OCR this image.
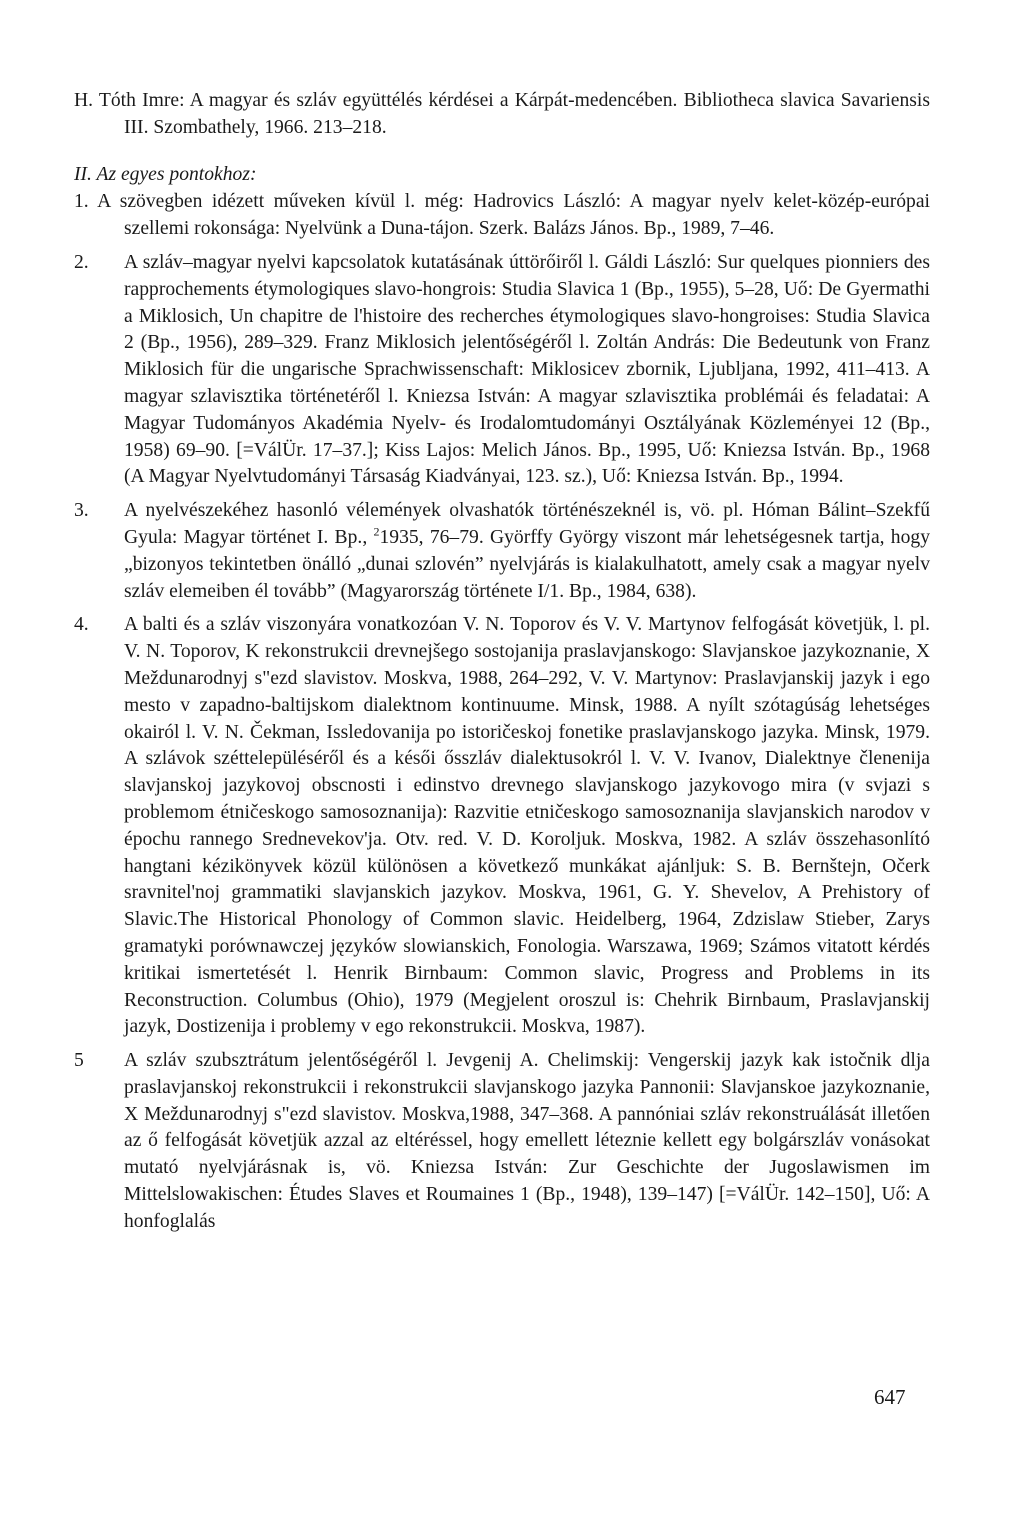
H. Tóth Imre: A magyar és szláv együttélés kérdései a Kárpát-medencében. Bibliotheca slavica Savariensis III. Szombathely, 1966. 213–218.

II. Az egyes pontokhoz:

1. A szövegben idézett műveken kívül l. még: Hadrovics László: A magyar nyelv kelet-közép-európai szellemi rokonsága: Nyelvünk a Duna-tájon. Szerk. Balázs János. Bp., 1989, 7–46.

2.	A szláv–magyar nyelvi kapcsolatok kutatásának úttörőiről l. Gáldi László: Sur quelques pionniers des rapprochements étymologiques slavo-hongrois: Studia Slavica 1 (Bp., 1955), 5–28, Uő: De Gyermathi a Miklosich, Un chapitre de l'histoire des recherches étymologiques slavo-hongroises: Studia Slavica 2 (Bp., 1956), 289–329. Franz Miklosich jelentőségéről l. Zoltán András: Die Bedeutunk von Franz Miklosich für die ungarische Sprachwissenschaft: Miklosicev zbornik, Ljubljana, 1992, 411–413. A magyar szlavisztika történetéről l. Kniezsa István: A magyar szlavisztika problémái és feladatai: A Magyar Tudományos Akadémia Nyelv- és Irodalomtudományi Osztályának Közleményei 12 (Bp., 1958) 69–90. [=VálÜr. 17–37.]; Kiss Lajos: Melich János. Bp., 1995, Uő: Kniezsa István. Bp., 1968 (A Magyar Nyelvtudományi Társaság Kiadványai, 123. sz.), Uő: Kniezsa István. Bp., 1994.
3.	A nyelvészekéhez hasonló vélemények olvashatók történészeknél is, vö. pl. Hóman Bálint–Szekfű Gyula: Magyar történet I. Bp., $^2$1935, 76–79. Györffy György viszont már lehetségesnek tartja, hogy „bizonyos tekintetben önálló „dunai szlovén” nyelvjárás is kialakulhatott, amely csak a magyar nyelv szláv elemeiben él tovább” (Magyarország története I/1. Bp., 1984, 638).
4.	A balti és a szláv viszonyára vonatkozóan V. N. Toporov és V. V. Martynov felfogását követjük, l. pl. V. N. Toporov, K rekonstrukcii drevnejšego sostojanija praslavjanskogo: Slavjanskoe jazykoznanie, X Meždunarodnyj s"ezd slavistov. Moskva, 1988, 264–292, V. V. Martynov: Praslavjanskij jazyk i ego mesto v zapadno-baltijskom dialektnom kontinuume. Minsk, 1988. A nyílt szótagúság lehetséges okairól l. V. N. Čekman, Issledovanija po istoričeskoj fonetike praslavjanskogo jazyka. Minsk, 1979. A szlávok széttelepüléséről és a késői ősszláv dialektusokról l. V. V. Ivanov, Dialektnye členenija slavjanskoj jazykovoj obscnosti i edinstvo drevnego slavjanskogo jazykovogo mira (v svjazi s problemom étničeskogo samosoznanija): Razvitie etničeskogo samosoznanija slavjanskich narodov v épochu rannego Srednevekov'ja. Otv. red. V. D. Koroljuk. Moskva, 1982. A szláv összehasonlító hangtani kézikönyvek közül különösen a következő munkákat ajánljuk: S. B. Bernštejn, Očerk sravnitel'noj grammatiki slavjanskich jazykov. Moskva, 1961, G. Y. Shevelov, A Prehistory of Slavic.The Historical Phonology of Common slavic. Heidelberg, 1964, Zdzislaw Stieber, Zarys gramatyki porównawczej języków slowianskich, Fonologia. Warszawa, 1969; Számos vitatott kérdés kritikai ismertetését l. Henrik Birnbaum: Common slavic, Progress and Problems in its Reconstruction. Columbus (Ohio), 1979 (Megjelent oroszul is: Chehrik Birnbaum, Praslavjanskij jazyk, Dostizenija i problemy v ego rekonstrukcii. Moskva, 1987).
5	A szláv szubsztrátum jelentőségéről l. Jevgenij A. Chelimskij: Vengerskij jazyk kak istočnik dlja praslavjanskoj rekonstrukcii i rekonstrukcii slavjanskogo jazyka Pannonii: Slavjanskoe jazykoznanie, X Meždunarodnyj s"ezd slavistov. Moskva,1988, 347–368. A pannóniai szláv rekonstruálását illetően az ő felfogását követjük azzal az eltéréssel, hogy emellett léteznie kellett egy bolgárszláv vonásokat mutató nyelvjárásnak is, vö. Kniezsa István: Zur Geschichte der Jugoslawismen im Mittelslowakischen: Études Slaves et Roumaines 1 (Bp., 1948), 139–147) [=VálÜr. 142–150], Uő: A honfoglalás
647
